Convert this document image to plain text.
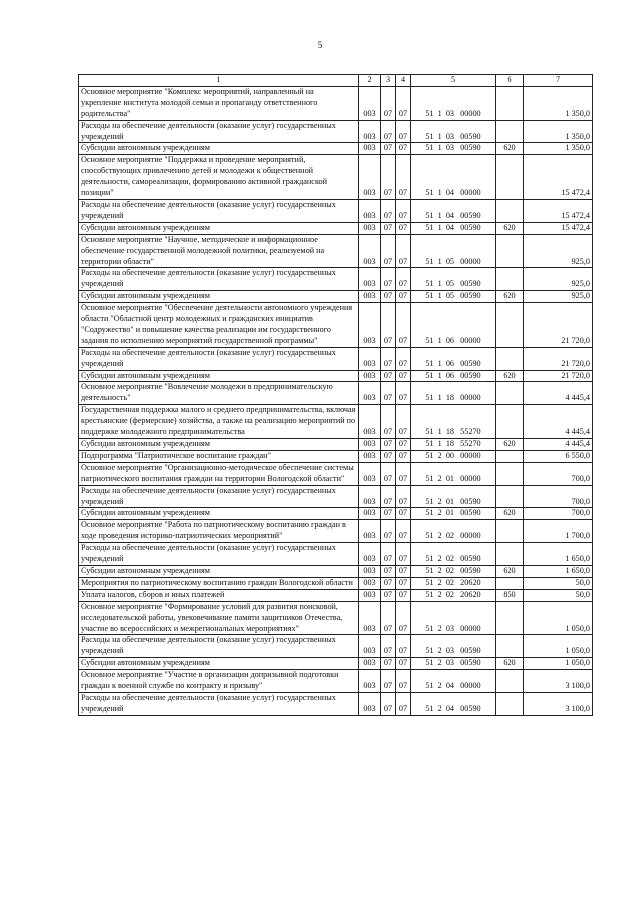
5
1	2	3	4	5	6	7
Основное мероприятие "Комплекс мероприятий, направленный на укрепление института молодой семьи и пропаганду ответственного родительства"	003	07	07	51  1  03   00000		1 350,0
Расходы на обеспечение деятельности (оказание услуг) государственных учреждений	003	07	07	51  1  03   00590		1 350,0
Субсидии автономным учреждениям	003	07	07	51  1  03   00590	620	1 350,0
Основное мероприятие "Поддержка и проведение мероприятий, способствующих привлечению детей и молодежи к общественной деятельности, самореализации, формированию активной гражданской позиции"	003	07	07	51  1  04   00000		15 472,4
Расходы на обеспечение деятельности (оказание услуг) государственных учреждений	003	07	07	51  1  04   00590		15 472,4
Субсидии автономным учреждениям	003	07	07	51  1  04   00590	620	15 472,4
Основное мероприятие "Научное, методическое и информационное обеспечение государственной молодежной политики, реализуемой на территории области"	003	07	07	51  1  05   00000		925,0
Расходы на обеспечение деятельности (оказание услуг) государственных учреждений	003	07	07	51  1  05   00590		925,0
Субсидии автономным учреждениям	003	07	07	51  1  05   00590	620	925,0
Основное мероприятие "Обеспечение деятельности автономного учреждения области "Областной центр молодежных и гражданских инициатив "Содружество" и повышение качества реализации им государственного задания по исполнению мероприятий государственной программы"	003	07	07	51  1  06   00000		21 720,0
Расходы на обеспечение деятельности (оказание услуг) государственных учреждений	003	07	07	51  1  06   00590		21 720,0
Субсидии автономным учреждениям	003	07	07	51  1  06   00590	620	21 720,0
Основное мероприятие "Вовлечение молодежи в предпринимательскую деятельность"	003	07	07	51  1  18   00000		4 445,4
Государственная поддержка малого и среднего предпринимательства, включая крестьянские (фермерские) хозяйства, а также на реализацию мероприятий по поддержке молодежного предпринимательства	003	07	07	51  1  18   55270		4 445,4
Субсидии автономным учреждениям	003	07	07	51  1  18   55270	620	4 445,4
Подпрограмма "Патриотическое воспитание граждан"	003	07	07	51  2  00   00000		6 550,0
Основное мероприятие "Организационно-методическое обеспечение системы патриотического воспитания граждан на территории Вологодской области"	003	07	07	51  2  01   00000		700,0
Расходы на обеспечение деятельности (оказание услуг) государственных учреждений	003	07	07	51  2  01   00590		700,0
Субсидии автономным учреждениям	003	07	07	51  2  01   00590	620	700,0
Основное мероприятие "Работа по патриотическому воспитанию граждан в ходе проведения историко-патриотических мероприятий"	003	07	07	51  2  02   00000		1 700,0
Расходы на обеспечение деятельности (оказание услуг) государственных учреждений	003	07	07	51  2  02   00590		1 650,0
Субсидии автономным учреждениям	003	07	07	51  2  02   00590	620	1 650,0
Мероприятия по патриотическому воспитанию граждан Вологодской области	003	07	07	51  2  02   20620		50,0
Уплата налогов, сборов и иных платежей	003	07	07	51  2  02   20620	850	50,0
Основное мероприятие "Формирование условий для развития поисковой, исследовательской работы, увековечивание памяти защитников Отечества, участие во всероссийских и межрегиональных мероприятиях"	003	07	07	51  2  03   00000		1 050,0
Расходы на обеспечение деятельности (оказание услуг) государственных учреждений	003	07	07	51  2  03   00590		1 050,0
Субсидии автономным учреждениям	003	07	07	51  2  03   00590	620	1 050,0
Основное мероприятие "Участие в организации допризывной подготовки граждан к военной службе по контракту и призыву"	003	07	07	51  2  04   00000		3 100,0
Расходы на обеспечение деятельности (оказание услуг) государственных учреждений	003	07	07	51  2  04   00590		3 100,0
